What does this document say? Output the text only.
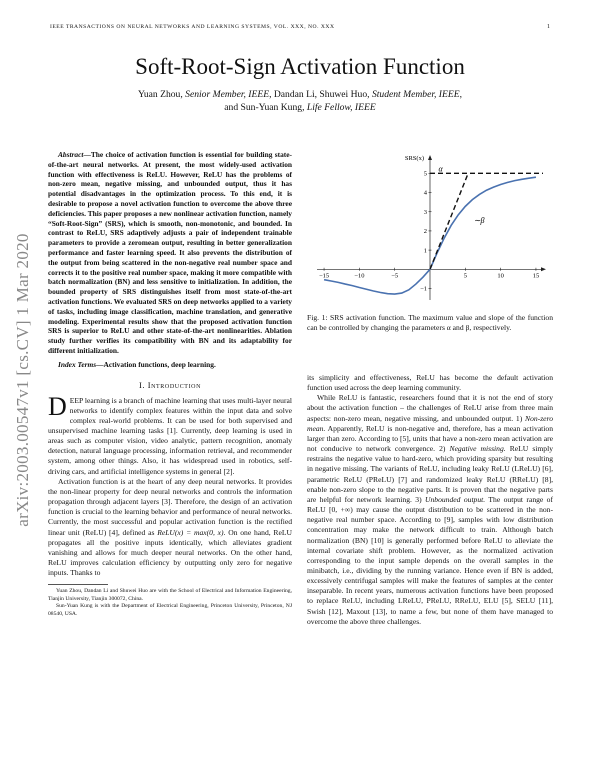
IEEE TRANSACTIONS ON NEURAL NETWORKS AND LEARNING SYSTEMS, VOL. XXX, NO. XXX	1
Soft-Root-Sign Activation Function
Yuan Zhou, Senior Member, IEEE, Dandan Li, Shuwei Huo, Student Member, IEEE,
and Sun-Yuan Kung, Life Fellow, IEEE
arXiv:2003.00547v1 [cs.CV] 1 Mar 2020

Abstract—The choice of activation function is essential for building state-of-the-art neural networks. At present, the most widely-used activation function with effectiveness is ReLU. However, ReLU has the problems of non-zero mean, negative missing, and unbounded output, thus it has potential disadvantages in the optimization process. To this end, it is desirable to propose a novel activation function to overcome the above three deficiencies. This paper proposes a new nonlinear activation function, namely “Soft-Root-Sign” (SRS), which is smooth, non-monotonic, and bounded. In contrast to ReLU, SRS adaptively adjusts a pair of independent trainable parameters to provide a zeromean output, resulting in better generalization performance and faster learning speed. It also prevents the distribution of the output from being scattered in the non-negative real number space and corrects it to the positive real number space, making it more compatible with batch normalization (BN) and less sensitive to initialization. In addition, the bounded property of SRS distinguishes itself from most state-of-the-art activation functions. We evaluated SRS on deep networks applied to a variety of tasks, including image classification, machine translation, and generative modeling. Experimental results show that the proposed activation function SRS is superior to ReLU and other state-of-the-art nonlinearities. Ablation study further verifies its compatibility with BN and its adaptability for different initialization.

Index Terms—Activation functions, deep learning.

I. Introduction

DEEP learning is a branch of machine learning that uses multi-layer neural networks to identify complex features within the input data and solve complex real-world problems. It can be used for both supervised and unsupervised machine learning tasks [1]. Currently, deep learning is used in areas such as computer vision, video analytic, pattern recognition, anomaly detection, natural language processing, information retrieval, and recommender system, among other things. Also, it has widespread used in robotics, self-driving cars, and artificial intelligence systems in general [2].

Activation function is at the heart of any deep neural networks. It provides the non-linear property for deep neural networks and controls the information propagation through adjacent layers [3]. Therefore, the design of an activation function is crucial to the learning behavior and performance of neural networks. Currently, the most successful and popular activation function is the rectified linear unit (ReLU) [4], defined as ReLU(x) = max(0, x). On one hand, ReLU propagates all the positive inputs identically, which alleviates gradient vanishing and allows for much deeper neural networks. On the other hand, ReLU improves calculation efficiency by outputting only zero for negative inputs. Thanks to

Yuan Zhou, Dandan Li and Shuwei Huo are with the School of Electrical and Information Engineering, Tianjin University, Tianjin 300072, China.

Sun-Yuan Kung is with the Department of Electrical Engineering, Princeton University, Princeton, NJ 08540, USA.

−15	−10	−5	5	10	15
−1
1
2
3
4
5
SRS(x)
α
∼β
Fig. 1: SRS activation function. The maximum value and slope of the function can be controlled by changing the parameters α and β, respectively.

its simplicity and effectiveness, ReLU has become the default activation function used across the deep learning community.

While ReLU is fantastic, researchers found that it is not the end of story about the activation function – the challenges of ReLU arise from three main aspects: non-zero mean, negative missing, and unbounded output. 1) Non-zero mean. Apparently, ReLU is non-negative and, therefore, has a mean activation larger than zero. According to [5], units that have a non-zero mean activation are not conducive to network convergence. 2) Negative missing. ReLU simply restrains the negative value to hard-zero, which providing sparsity but resulting in negative missing. The variants of ReLU, including leaky ReLU (LReLU) [6], parametric ReLU (PReLU) [7] and randomized leaky ReLU (RReLU) [8], enable non-zero slope to the negative parts. It is proven that the negative parts are helpful for network learning. 3) Unbounded output. The output range of ReLU [0, +∞) may cause the output distribution to be scattered in the non-negative real number space. According to [9], samples with low distribution concentration may make the network difficult to train. Although batch normalization (BN) [10] is generally performed before ReLU to alleviate the internal covariate shift problem. However, as the normalized activation corresponding to the input sample depends on the overall samples in the minibatch, i.e., dividing by the running variance. Hence even if BN is added, excessively centrifugal samples will make the features of samples at the center inseparable. In recent years, numerous activation functions have been proposed to replace ReLU, including LReLU, PReLU, RReLU, ELU [5], SELU [11], Swish [12], Maxout [13], to name a few, but none of them have managed to overcome the above three challenges.
